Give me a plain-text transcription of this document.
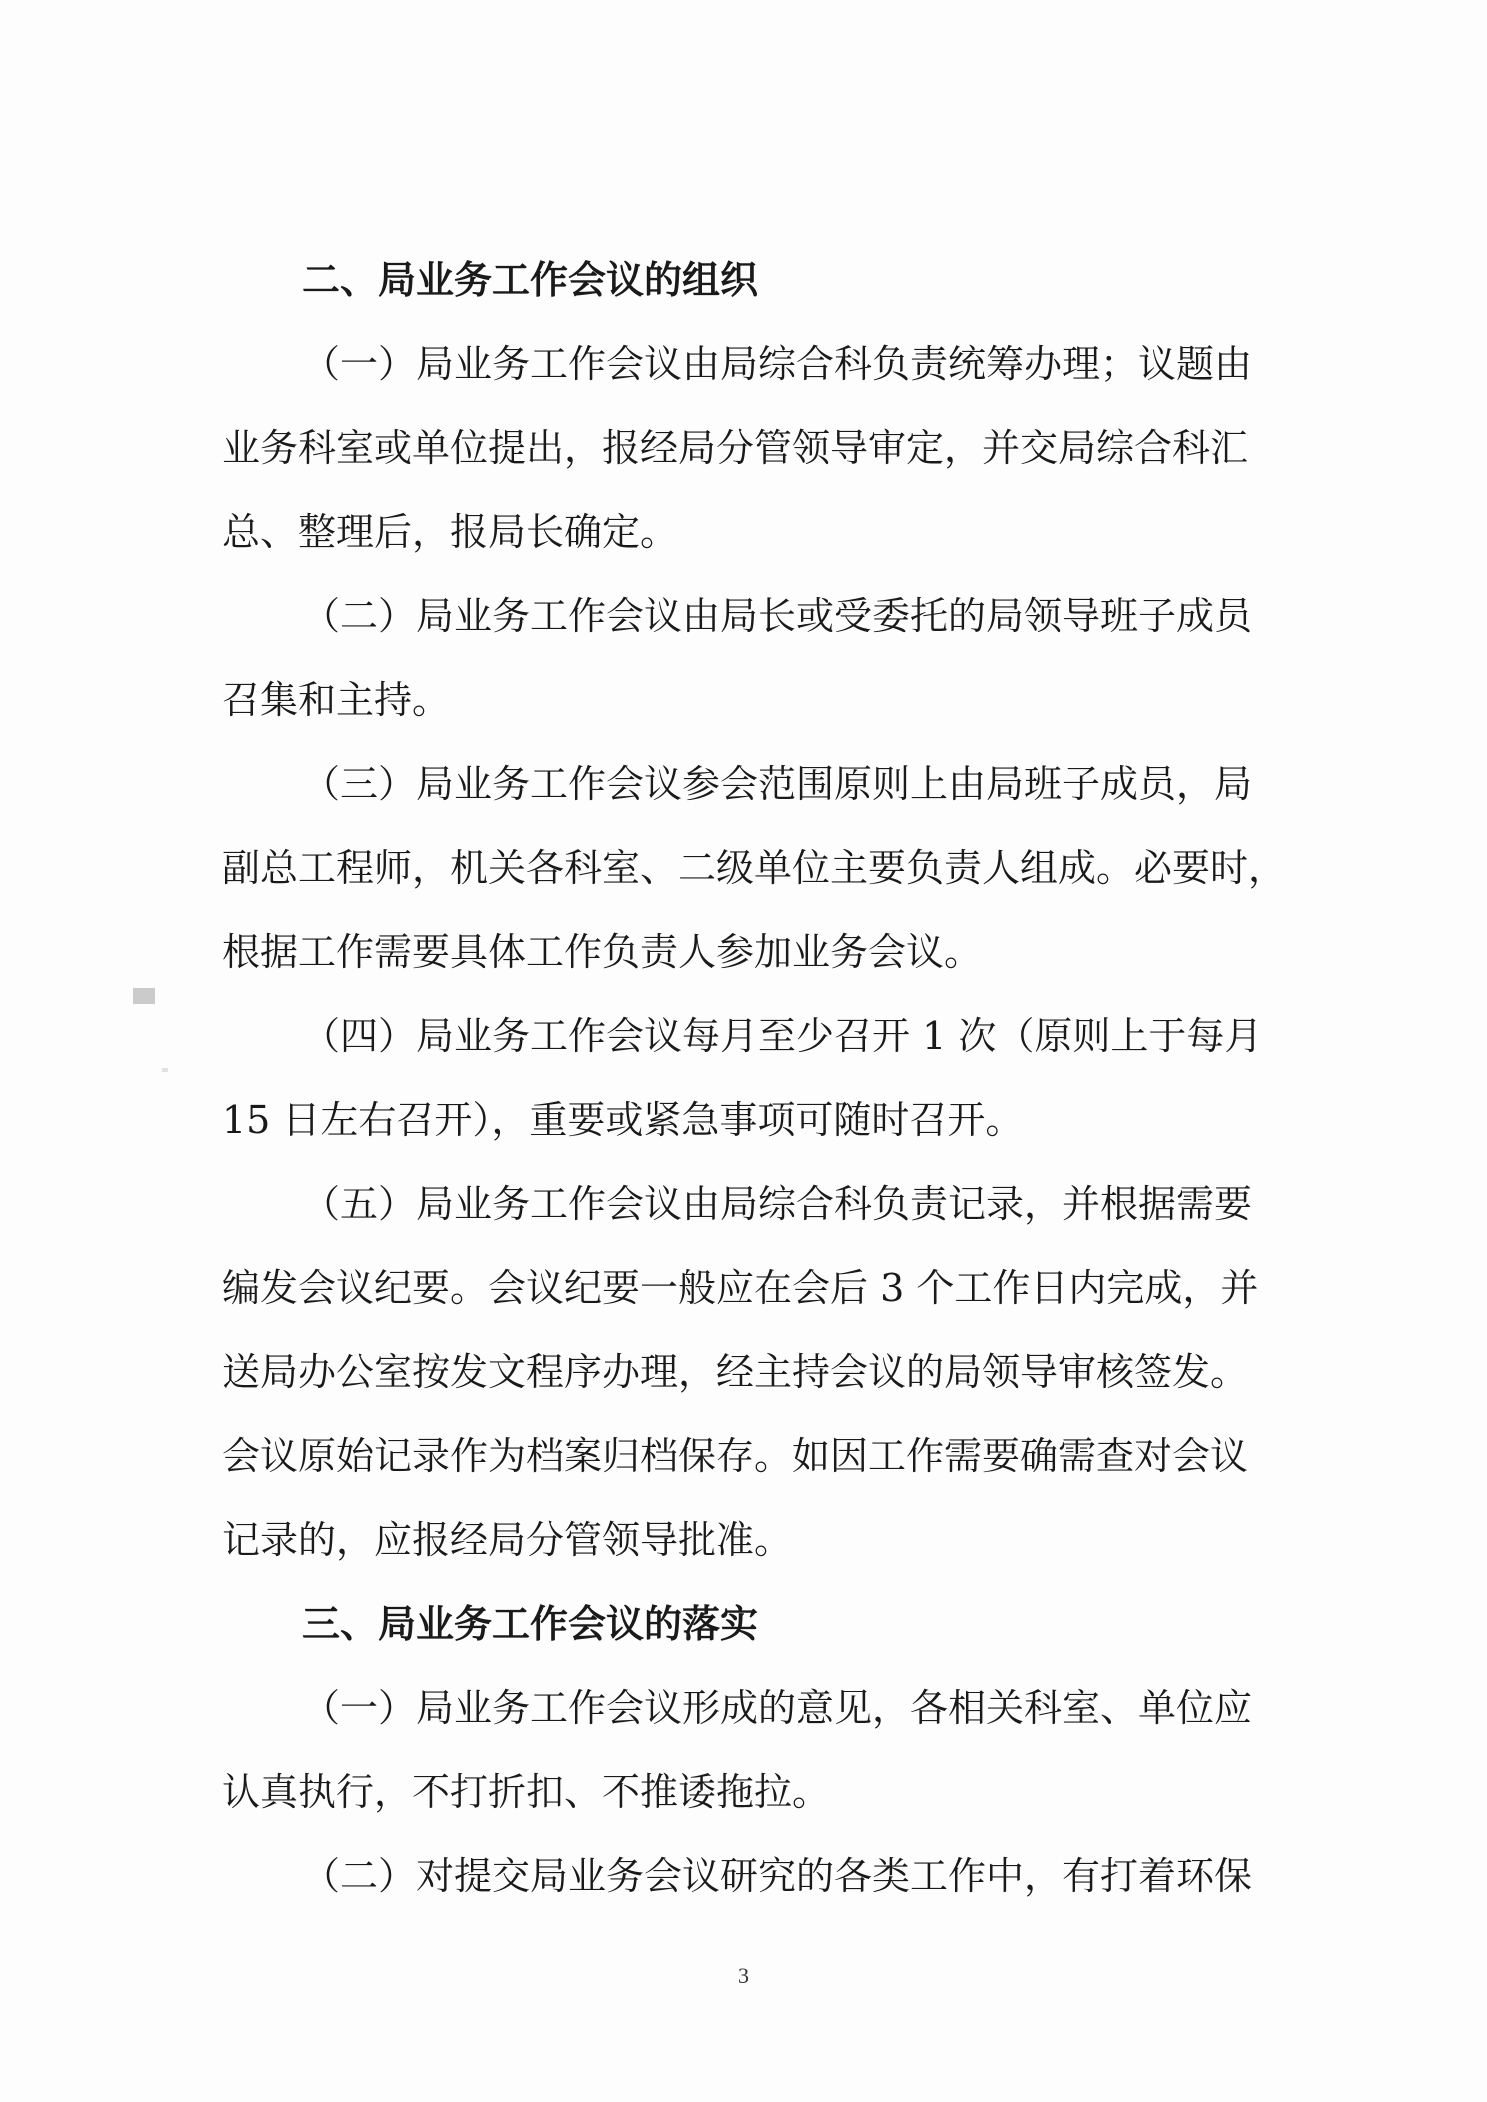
二、局业务工作会议的组织
（一）局业务工作会议由局综合科负责统筹办理；议题由
业务科室或单位提出，报经局分管领导审定，并交局综合科汇
总、整理后，报局长确定。
（二）局业务工作会议由局长或受委托的局领导班子成员
召集和主持。
（三）局业务工作会议参会范围原则上由局班子成员，局
副总工程师，机关各科室、二级单位主要负责人组成。必要时，
根据工作需要具体工作负责人参加业务会议。
（四）局业务工作会议每月至少召开 1 次（原则上于每月
15 日左右召开），重要或紧急事项可随时召开。
（五）局业务工作会议由局综合科负责记录，并根据需要
编发会议纪要。会议纪要一般应在会后 3 个工作日内完成，并
送局办公室按发文程序办理，经主持会议的局领导审核签发。
会议原始记录作为档案归档保存。如因工作需要确需查对会议
记录的，应报经局分管领导批准。
三、局业务工作会议的落实
（一）局业务工作会议形成的意见，各相关科室、单位应
认真执行，不打折扣、不推诿拖拉。
（二）对提交局业务会议研究的各类工作中，有打着环保
3
